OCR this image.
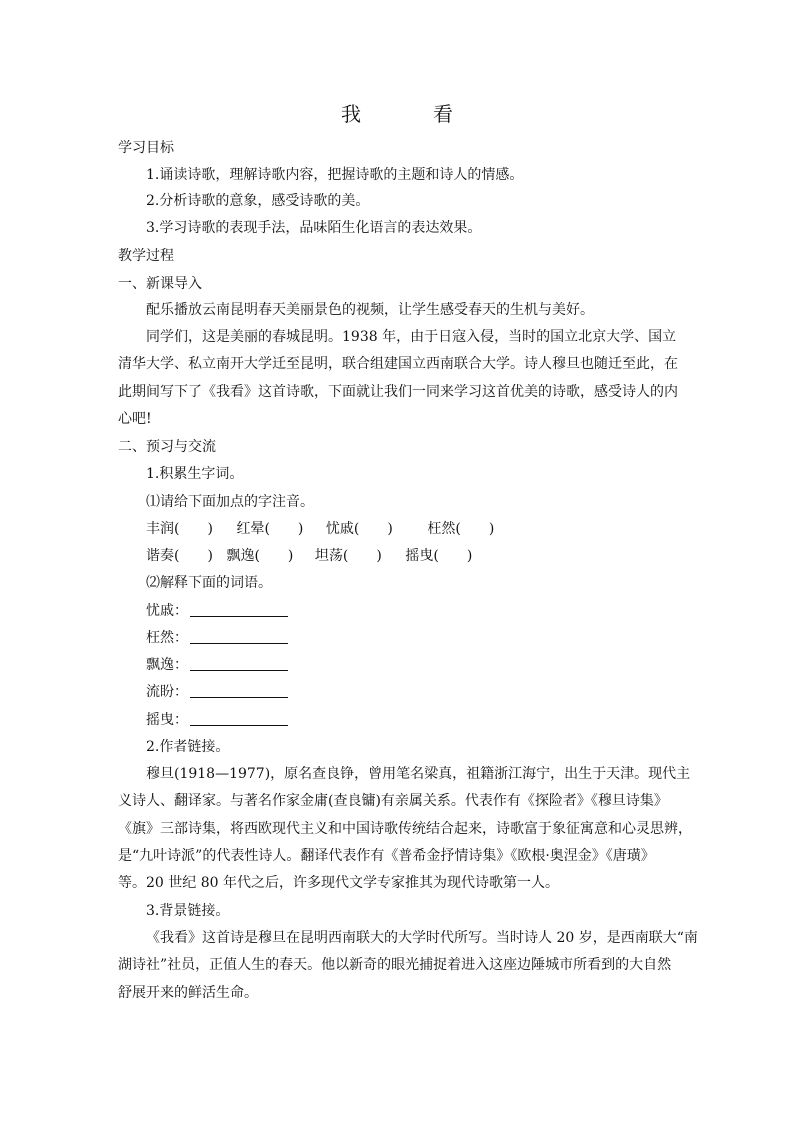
我　看
学习目标
1.诵读诗歌，理解诗歌内容，把握诗歌的主题和诗人的情感。
2.分析诗歌的意象，感受诗歌的美。
3.学习诗歌的表现手法，品味陌生化语言的表达效果。
教学过程
一、新课导入
配乐播放云南昆明春天美丽景色的视频，让学生感受春天的生机与美好。
同学们，这是美丽的春城昆明。1938 年，由于日寇入侵，当时的国立北京大学、国立
清华大学、私立南开大学迁至昆明，联合组建国立西南联合大学。诗人穆旦也随迁至此，在
此期间写下了《我看》这首诗歌，下面就让我们一同来学习这首优美的诗歌，感受诗人的内
心吧!
二、预习与交流
1.积累生字词。
⑴请给下面加点的字注音。
丰润(　　) 红晕(　　) 忧戚(　　) 枉然(　　)
谐奏(　　) 飘逸(　　) 坦荡(　　) 摇曳(　　)
⑵解释下面的词语。
忧戚：
枉然：
飘逸：
流盼：
摇曳：
2.作者链接。
穆旦(1918—1977)，原名查良铮，曾用笔名梁真，祖籍浙江海宁，出生于天津。现代主
义诗人、翻译家。与著名作家金庸(查良镛)有亲属关系。代表作有《探险者》《穆旦诗集》
《旗》三部诗集，将西欧现代主义和中国诗歌传统结合起来，诗歌富于象征寓意和心灵思辨，
是“九叶诗派”的代表性诗人。翻译代表作有《普希金抒情诗集》《欧根·奥涅金》《唐璜》
等。20 世纪 80 年代之后，许多现代文学专家推其为现代诗歌第一人。
3.背景链接。
《我看》这首诗是穆旦在昆明西南联大的大学时代所写。当时诗人 20 岁，是西南联大“南
湖诗社”社员，正值人生的春天。他以新奇的眼光捕捉着进入这座边陲城市所看到的大自然
舒展开来的鲜活生命。
